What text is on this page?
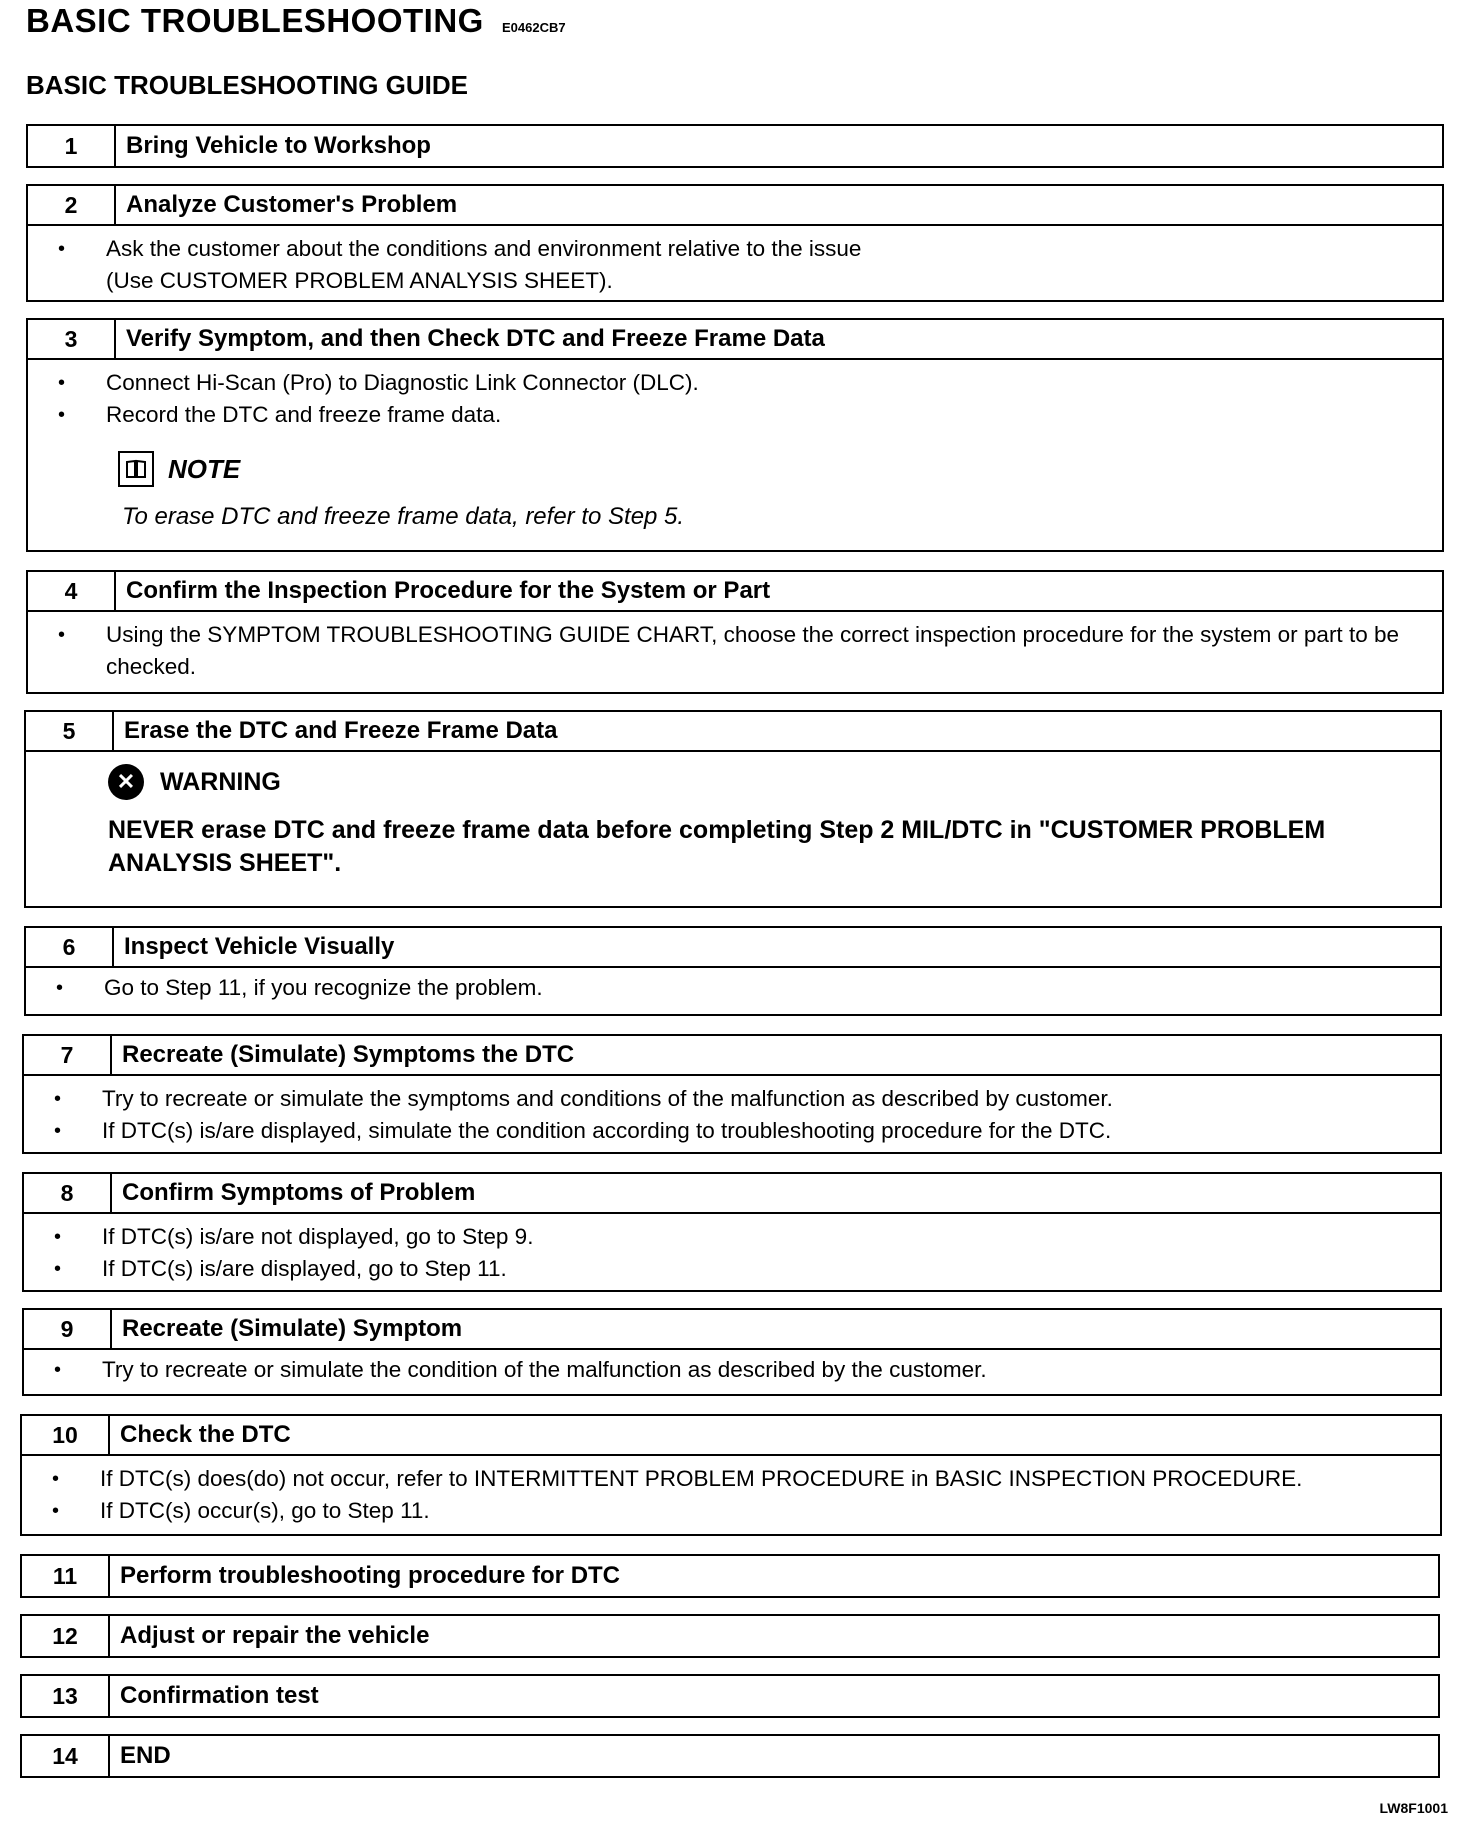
BASIC TROUBLESHOOTING E0462CB7
BASIC TROUBLESHOOTING GUIDE
1	Bring Vehicle to Workshop
2	Analyze Customer's Problem
•	Ask the customer about the conditions and environment relative to the issue
(Use CUSTOMER PROBLEM ANALYSIS SHEET).
3	Verify Symptom, and then Check DTC and Freeze Frame Data
•	Connect Hi-Scan (Pro) to Diagnostic Link Connector (DLC).
•	Record the DTC and freeze frame data.
NOTE
To erase DTC and freeze frame data, refer to Step 5.
4	Confirm the Inspection Procedure for the System or Part
•	Using the SYMPTOM TROUBLESHOOTING GUIDE CHART, choose the correct inspection procedure for the system or part to be checked.
5	Erase the DTC and Freeze Frame Data
✕ WARNING
NEVER erase DTC and freeze frame data before completing Step 2 MIL/DTC in "CUSTOMER PROBLEM ANALYSIS SHEET".
6	Inspect Vehicle Visually
•	Go to Step 11, if you recognize the problem.
7	Recreate (Simulate) Symptoms the DTC
•	Try to recreate or simulate the symptoms and conditions of the malfunction as described by customer.
•	If DTC(s) is/are displayed, simulate the condition according to troubleshooting procedure for the DTC.
8	Confirm Symptoms of Problem
•	If DTC(s) is/are not displayed, go to Step 9.
•	If DTC(s) is/are displayed, go to Step 11.
9	Recreate (Simulate) Symptom
•	Try to recreate or simulate the condition of the malfunction as described by the customer.
10	Check the DTC
•	If DTC(s) does(do) not occur, refer to INTERMITTENT PROBLEM PROCEDURE in BASIC INSPECTION PROCEDURE.
•	If DTC(s) occur(s), go to Step 11.
11	Perform troubleshooting procedure for DTC
12	Adjust or repair the vehicle
13	Confirmation test
14	END
LW8F1001
